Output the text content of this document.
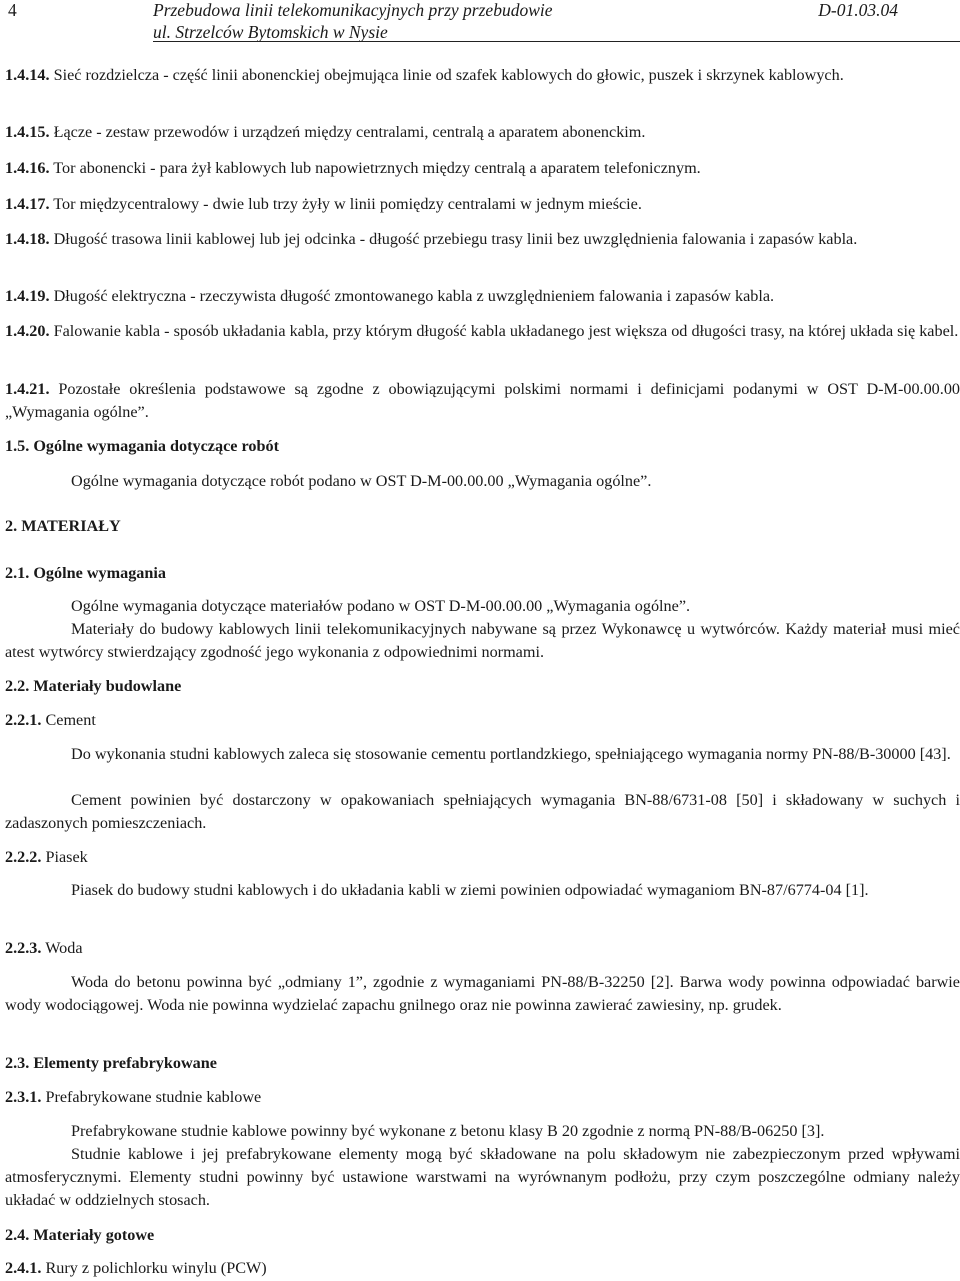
4	Przebudowa linii telekomunikacyjnych przy przebudowie
ul. Strzelców Bytomskich w Nysie
D-01.03.04

1.4.14. Sieć rozdzielcza - część linii abonenckiej obejmująca linie od szafek kablowych do głowic, puszek i skrzynek kablowych.

1.4.15. Łącze - zestaw przewodów i urządzeń między centralami, centralą a aparatem abonenckim.

1.4.16. Tor abonencki - para żył kablowych lub napowietrznych między centralą a aparatem telefonicznym.

1.4.17. Tor międzycentralowy - dwie lub trzy żyły w linii pomiędzy centralami w jednym mieście.

1.4.18. Długość trasowa linii kablowej lub jej odcinka - długość przebiegu trasy linii bez uwzględnienia falowania i zapasów kabla.

1.4.19. Długość elektryczna - rzeczywista długość zmontowanego kabla z uwzględnieniem falowania i zapasów kabla.

1.4.20. Falowanie kabla - sposób układania kabla, przy którym długość kabla układanego jest większa od długości trasy, na której układa się kabel.

1.4.21. Pozostałe określenia podstawowe są zgodne z obowiązującymi polskimi normami i definicjami podanymi w OST D-M-00.00.00 „Wymagania ogólne”.

1.5. Ogólne wymagania dotyczące robót
Ogólne wymagania dotyczące robót podano w OST D-M-00.00.00 „Wymagania ogólne”.
2. MATERIAŁY
2.1. Ogólne wymagania
Ogólne wymagania dotyczące materiałów podano w OST D-M-00.00.00 „Wymagania ogólne”.

Materiały do budowy kablowych linii telekomunikacyjnych nabywane są przez Wykonawcę u wytwórców. Każdy materiał musi mieć atest wytwórcy stwierdzający zgodność jego wykonania z odpowiednimi normami.

2.2. Materiały budowlane
2.2.1. Cement

Do wykonania studni kablowych zaleca się stosowanie cementu portlandzkiego, spełniającego wymagania normy PN-88/B-30000 [43].

Cement powinien być dostarczony w opakowaniach spełniających wymagania BN-88/6731-08 [50] i składowany w suchych i zadaszonych pomieszczeniach.

2.2.2. Piasek

Piasek do budowy studni kablowych i do układania kabli w ziemi powinien odpowiadać wymaganiom BN-87/6774-04 [1].

2.2.3. Woda

Woda do betonu powinna być „odmiany 1”, zgodnie z wymaganiami PN-88/B-32250 [2]. Barwa wody powinna odpowiadać barwie wody wodociągowej. Woda nie powinna wydzielać zapachu gnilnego oraz nie powinna zawierać zawiesiny, np. grudek.

2.3. Elementy prefabrykowane
2.3.1. Prefabrykowane studnie kablowe

Prefabrykowane studnie kablowe powinny być wykonane z betonu klasy B 20 zgodnie z normą PN-88/B-06250 [3].

Studnie kablowe i jej prefabrykowane elementy mogą być składowane na polu składowym nie zabezpieczonym przed wpływami atmosferycznymi. Elementy studni powinny być ustawione warstwami na wyrównanym podłożu, przy czym poszczególne odmiany należy układać w oddzielnych stosach.

2.4. Materiały gotowe
2.4.1. Rury z polichlorku winylu (PCW)
